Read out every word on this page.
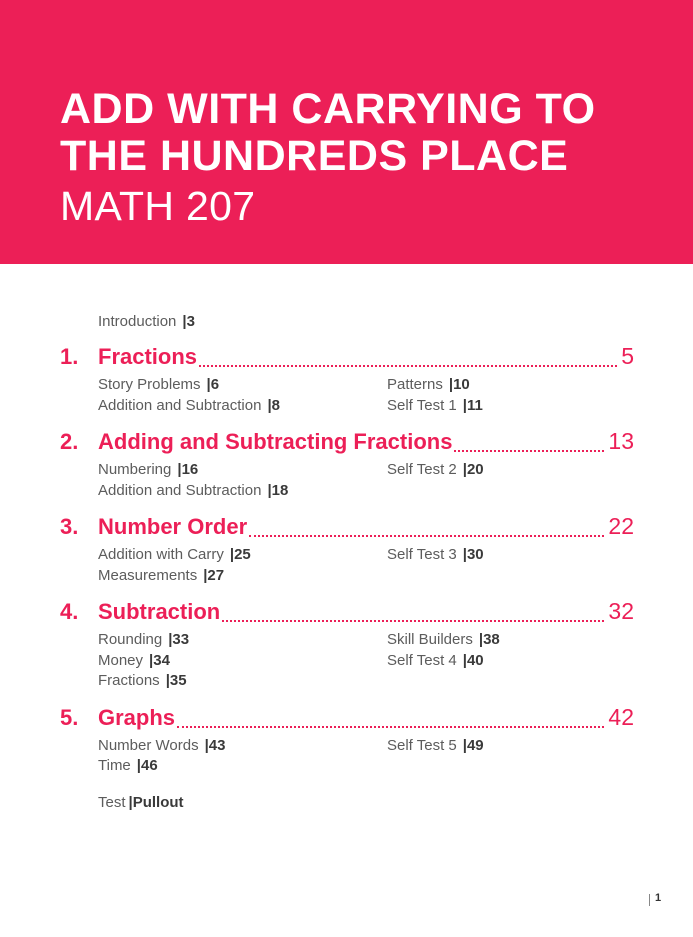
ADD WITH CARRYING TO
THE HUNDREDS PLACE
MATH 207
Introduction |3
1. Fractions	5
Story Problems |6
Addition and Subtraction |8
Patterns |10
Self Test 1 |11
2. Adding and Subtracting Fractions	13
Numbering |16
Addition and Subtraction |18
Self Test 2 |20
3. Number Order	22
Addition with Carry |25
Measurements |27
Self Test 3 |30
4. Subtraction	32
Rounding |33
Money |34
Fractions |35
Skill Builders |38
Self Test 4 |40
5. Graphs	42
Number Words |43
Time |46
Self Test 5 |49
Test |Pullout
1
